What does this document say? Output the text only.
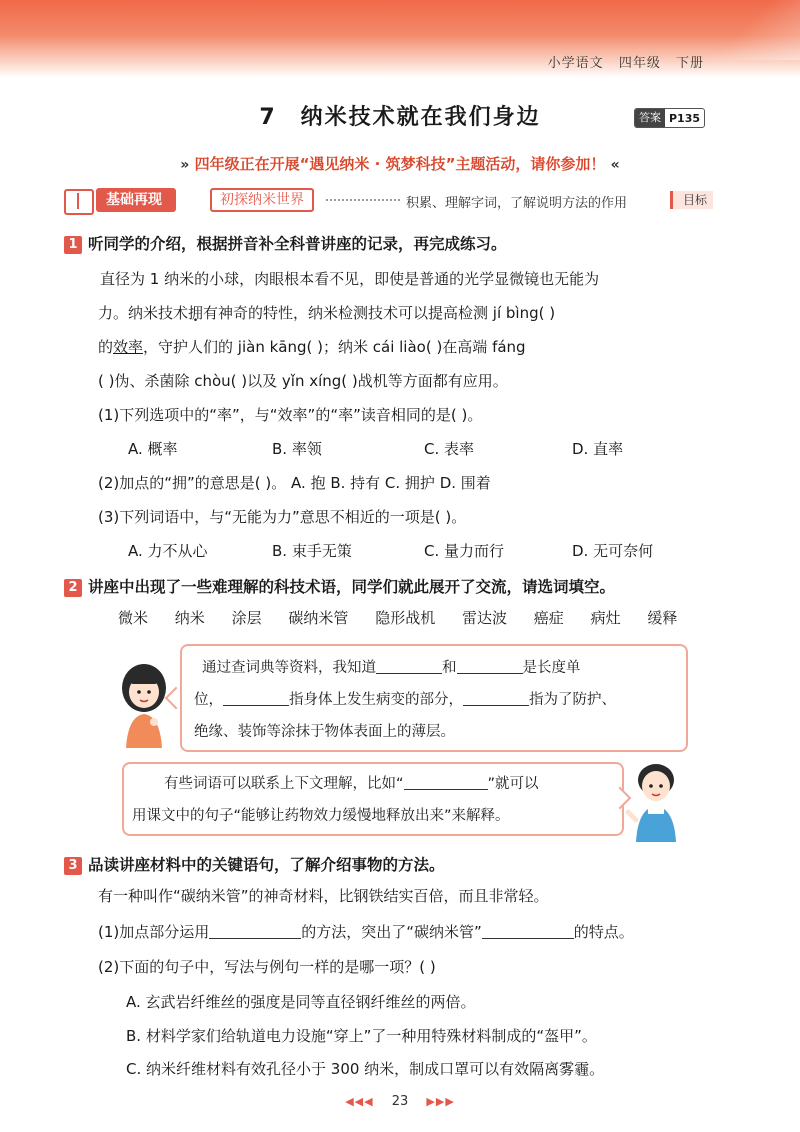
小学语文 四年级 下册
7 纳米技术就在我们身边	答案 P135
» 四年级正在开展“遇见纳米 · 筑梦科技”主题活动，请你参加！ «
基础再现	初探纳米世界	积累、理解字词，了解说明方法的作用	目标
1 听同学的介绍，根据拼音补全科普讲座的记录，再完成练习。
直径为 1 纳米的小球，肉眼根本看不见，即使是普通的光学显微镜也无能为
力。纳米技术拥有神奇的特性，纳米检测技术可以提高检测 jí bìng( )
的效率，守护人们的 jiàn kāng( )；纳米 cái liào( )在高端 fáng
( )伪、杀菌除 chòu( )以及 yǐn xíng( )战机等方面都有应用。
(1)下列选项中的“率”，与“效率”的“率”读音相同的是( )。
A. 概率	B. 率领	C. 表率	D. 直率
(2)加点的“拥”的意思是( )。 A. 抱 B. 持有 C. 拥护 D. 围着
(3)下列词语中，与“无能为力”意思不相近的一项是( )。
A. 力不从心	B. 束手无策	C. 量力而行	D. 无可奈何
2 讲座中出现了一些难理解的科技术语，同学们就此展开了交流，请选词填空。
微米 纳米 涂层 碳纳米管 隐形战机 雷达波 癌症 病灶 缓释
通过查词典等资料，我知道	和	是长度单
位，	指身体上发生病变的部分，	指为了防护、
绝缘、装饰等涂抹于物体表面上的薄层。
有些词语可以联系上下文理解，比如“	”就可以
用课文中的句子“能够让药物效力缓慢地释放出来”来解释。
3 品读讲座材料中的关键语句，了解介绍事物的方法。
有一种叫作“碳纳米管”的神奇材料，比钢铁结实百倍，而且非常轻。
(1)加点部分运用	的方法，突出了“碳纳米管”	的特点。
(2)下面的句子中，写法与例句一样的是哪一项？( )
A. 玄武岩纤维丝的强度是同等直径钢纤维丝的两倍。
B. 材料学家们给轨道电力设施“穿上”了一种用特殊材料制成的“盔甲”。
C. 纳米纤维材料有效孔径小于 300 纳米，制成口罩可以有效隔离雾霾。
◀◀◀ 23 ▶▶▶
